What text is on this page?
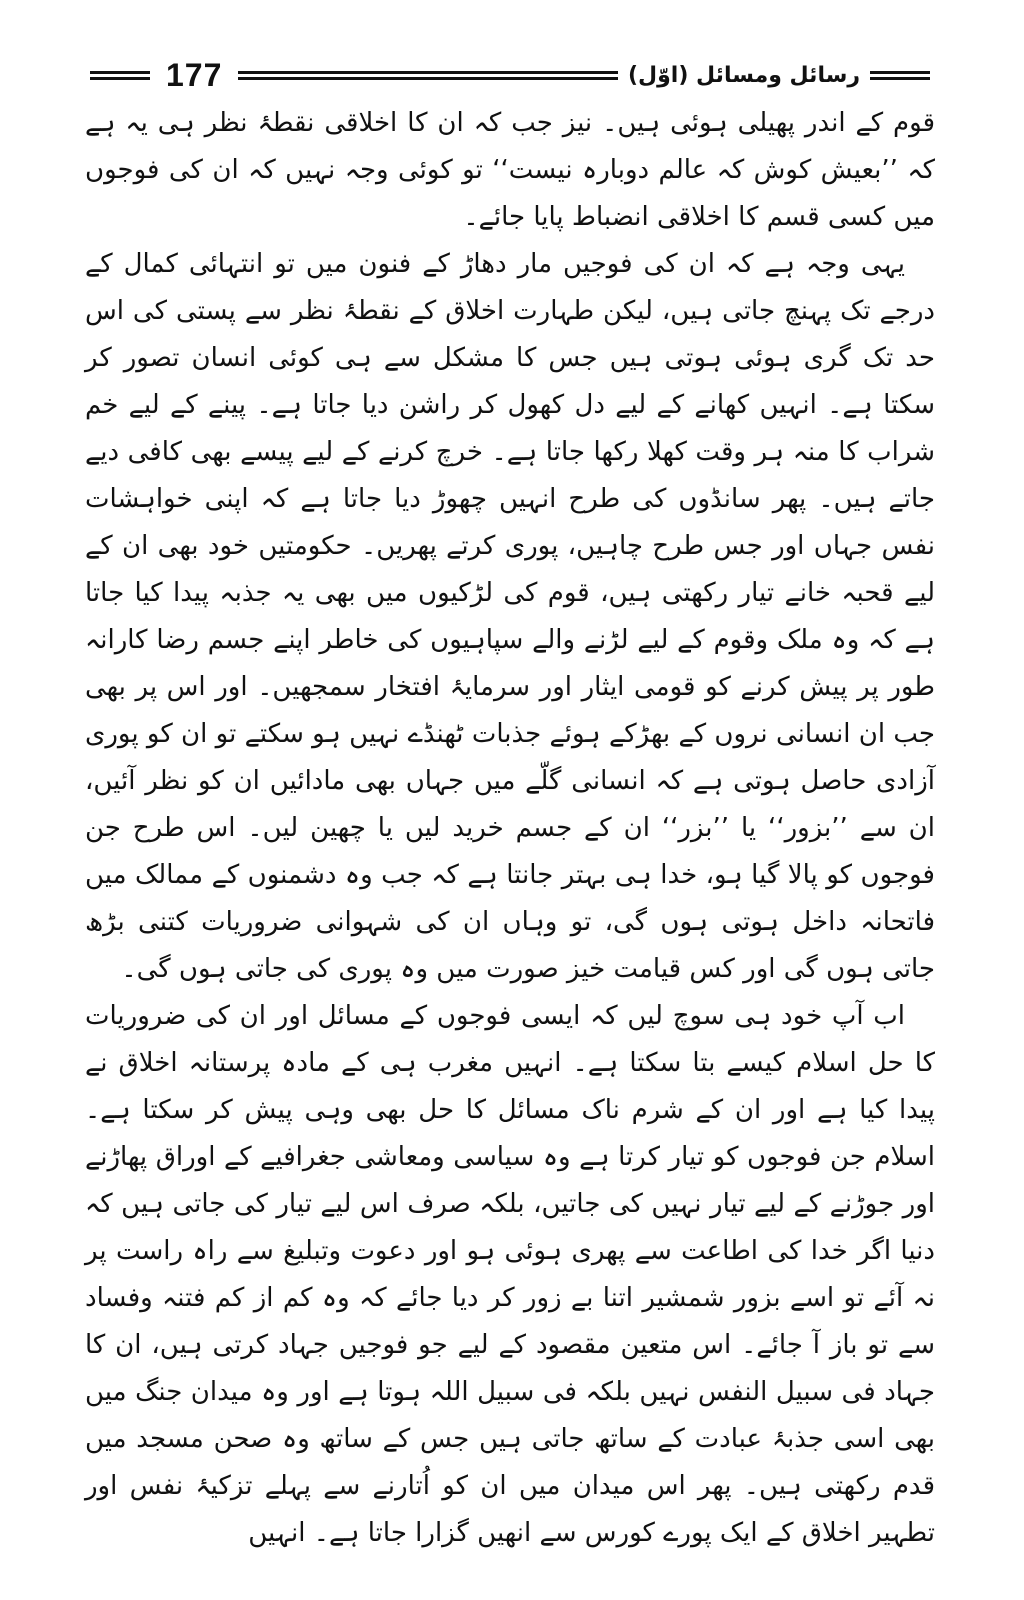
177	رسائل ومسائل (اوّل)

قوم کے اندر پھیلی ہوئی ہیں۔ نیز جب کہ ان کا اخلاقی نقطۂ نظر ہی یہ ہے کہ ’’بعیش کوش کہ عالم دوبارہ نیست‘‘ تو کوئی وجہ نہیں کہ ان کی فوجوں میں کسی قسم کا اخلاقی انضباط پایا جائے۔

یہی وجہ ہے کہ ان کی فوجیں مار دھاڑ کے فنون میں تو انتہائی کمال کے درجے تک پہنچ جاتی ہیں، لیکن طہارت اخلاق کے نقطۂ نظر سے پستی کی اس حد تک گری ہوئی ہوتی ہیں جس کا مشکل سے ہی کوئی انسان تصور کر سکتا ہے۔ انہیں کھانے کے لیے دل کھول کر راشن دیا جاتا ہے۔ پینے کے لیے خم شراب کا منہ ہر وقت کھلا رکھا جاتا ہے۔ خرچ کرنے کے لیے پیسے بھی کافی دیے جاتے ہیں۔ پھر سانڈوں کی طرح انہیں چھوڑ دیا جاتا ہے کہ اپنی خواہشات نفس جہاں اور جس طرح چاہیں، پوری کرتے پھریں۔ حکومتیں خود بھی ان کے لیے قحبہ خانے تیار رکھتی ہیں، قوم کی لڑکیوں میں بھی یہ جذبہ پیدا کیا جاتا ہے کہ وہ ملک وقوم کے لیے لڑنے والے سپاہیوں کی خاطر اپنے جسم رضا کارانہ طور پر پیش کرنے کو قومی ایثار اور سرمایۂ افتخار سمجھیں۔ اور اس پر بھی جب ان انسانی نروں کے بھڑکے ہوئے جذبات ٹھنڈے نہیں ہو سکتے تو ان کو پوری آزادی حاصل ہوتی ہے کہ انسانی گلّے میں جہاں بھی مادائیں ان کو نظر آئیں، ان سے ’’بزور‘‘ یا ’’بزر‘‘ ان کے جسم خرید لیں یا چھین لیں۔ اس طرح جن فوجوں کو پالا گیا ہو، خدا ہی بہتر جانتا ہے کہ جب وہ دشمنوں کے ممالک میں فاتحانہ داخل ہوتی ہوں گی، تو وہاں ان کی شہوانی ضروریات کتنی بڑھ جاتی ہوں گی اور کس قیامت خیز صورت میں وہ پوری کی جاتی ہوں گی۔

اب آپ خود ہی سوچ لیں کہ ایسی فوجوں کے مسائل اور ان کی ضروریات کا حل اسلام کیسے بتا سکتا ہے۔ انہیں مغرب ہی کے مادہ پرستانہ اخلاق نے پیدا کیا ہے اور ان کے شرم ناک مسائل کا حل بھی وہی پیش کر سکتا ہے۔ اسلام جن فوجوں کو تیار کرتا ہے وہ سیاسی ومعاشی جغرافیے کے اوراق پھاڑنے اور جوڑنے کے لیے تیار نہیں کی جاتیں، بلکہ صرف اس لیے تیار کی جاتی ہیں کہ دنیا اگر خدا کی اطاعت سے پھری ہوئی ہو اور دعوت وتبلیغ سے راہ راست پر نہ آئے تو اسے بزور شمشیر اتنا بے زور کر دیا جائے کہ وہ کم از کم فتنہ وفساد سے تو باز آ جائے۔ اس متعین مقصود کے لیے جو فوجیں جہاد کرتی ہیں، ان کا جہاد فی سبیل النفس نہیں بلکہ فی سبیل اللہ ہوتا ہے اور وہ میدان جنگ میں بھی اسی جذبۂ عبادت کے ساتھ جاتی ہیں جس کے ساتھ وہ صحن مسجد میں قدم رکھتی ہیں۔ پھر اس میدان میں ان کو اُتارنے سے پہلے تزکیۂ نفس اور تطہیر اخلاق کے ایک پورے کورس سے انھیں گزارا جاتا ہے۔ انہیں
